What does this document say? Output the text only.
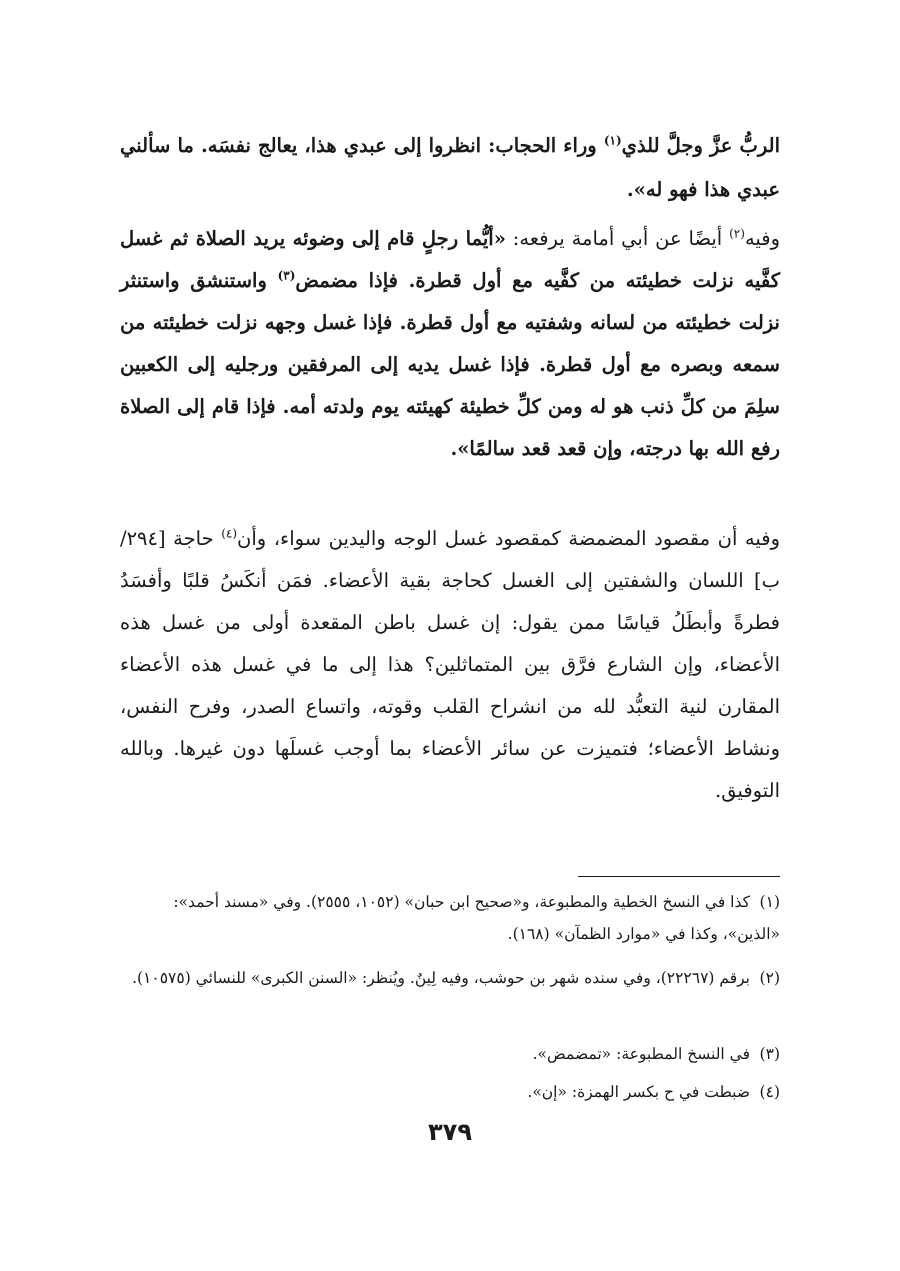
الربُّ عزَّ وجلَّ للذي$^{(١)}$ وراء الحجاب: انظروا إلى عبدي هذا، يعالج نفسَه. ما سألني عبدي هذا فهو له».

وفيه$^{(٢)}$ أيضًا عن أبي أمامة يرفعه: «أيُّما رجلٍ قام إلى وضوئه يريد الصلاة ثم غسل كفَّيه نزلت خطيئته من كفَّيه مع أول قطرة. فإذا مضمض$^{(٣)}$ واستنشق واستنثر نزلت خطيئته من لسانه وشفتيه مع أول قطرة. فإذا غسل وجهه نزلت خطيئته من سمعه وبصره مع أول قطرة. فإذا غسل يديه إلى المرفقين ورجليه إلى الكعبين سلِمَ من كلِّ ذنب هو له ومن كلِّ خطيئة كهيئته يوم ولدته أمه. فإذا قام إلى الصلاة رفع الله بها درجته، وإن قعد قعد سالمًا».

وفيه أن مقصود المضمضة كمقصود غسل الوجه واليدين سواء، وأن$^{(٤)}$ حاجة [٢٩٤/ب] اللسان والشفتين إلى الغسل كحاجة بقية الأعضاء. فمَن أنكَسُ قلبًا وأفسَدُ فطرةً وأبطَلُ قياسًا ممن يقول: إن غسل باطن المقعدة أولى من غسل هذه الأعضاء، وإن الشارع فرَّق بين المتماثلين؟ هذا إلى ما في غسل هذه الأعضاء المقارن لنية التعبُّد لله من انشراح القلب وقوته، واتساع الصدر، وفرح النفس، ونشاط الأعضاء؛ فتميزت عن سائر الأعضاء بما أوجب غسلَها دون غيرها. وبالله التوفيق.

(١)كذا في النسخ الخطية والمطبوعة، و«صحيح ابن حبان» (١٠٥٢، ٢٥٥٥). وفي «مسند أحمد»: «الذين»، وكذا في «موارد الظمآن» (١٦٨).

(٢)برقم (٢٢٢٦٧)، وفي سنده شهر بن حوشب، وفيه لِينٌ. ويُنظر: «السنن الكبرى» للنسائي (١٠٥٧٥).

(٣)في النسخ المطبوعة: «تمضمض».

(٤)ضبطت في ح بكسر الهمزة: «إن».

٣٧٩
